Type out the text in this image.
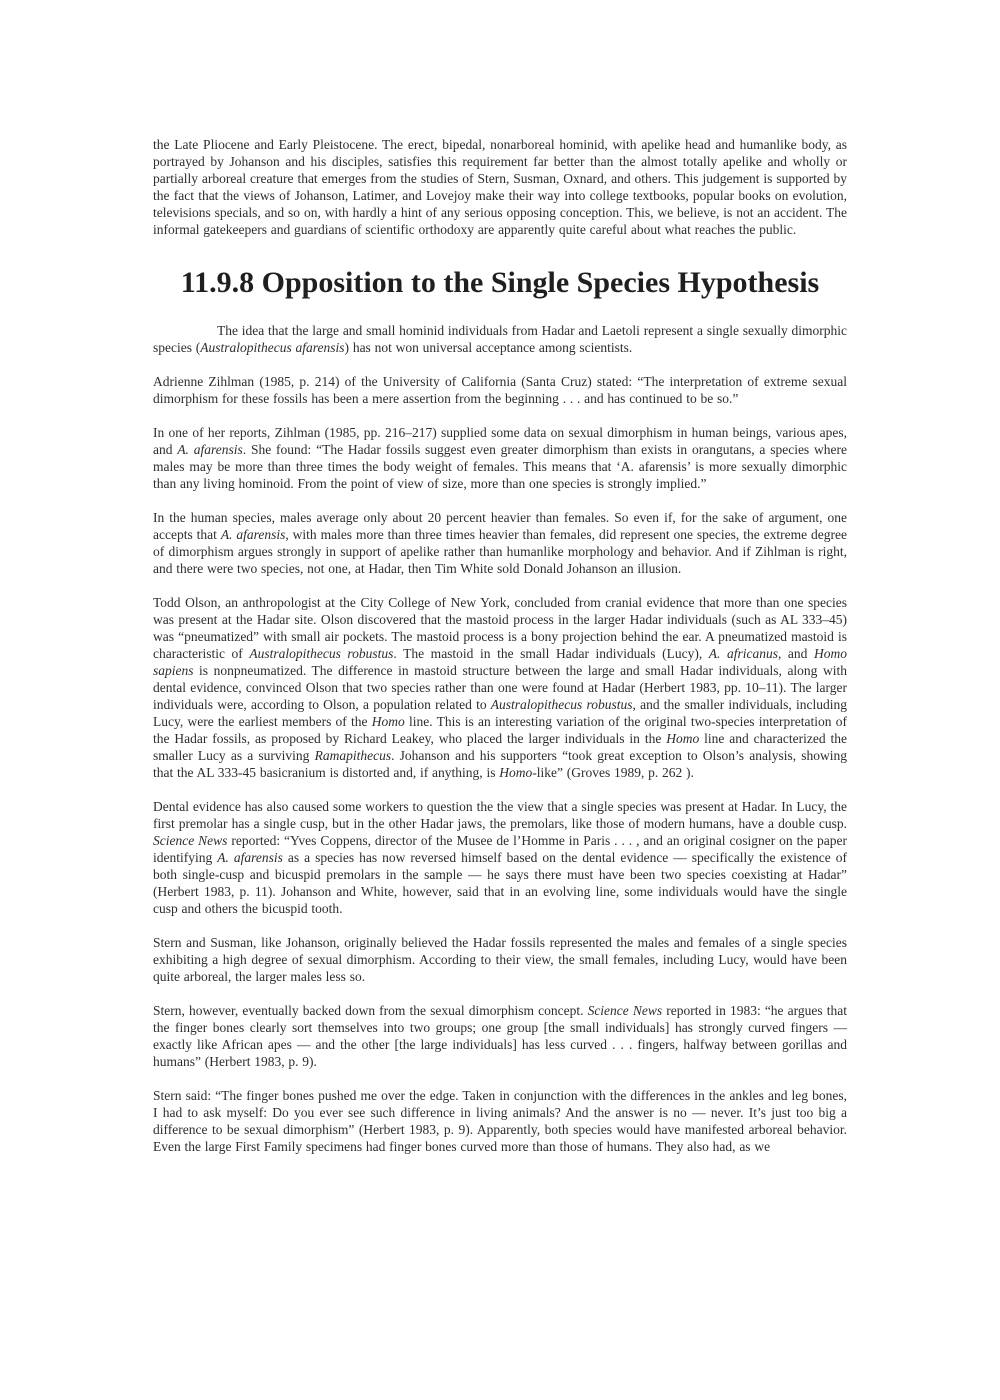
the Late Pliocene and Early Pleistocene. The erect, bipedal, nonarboreal hominid, with apelike head and humanlike body, as portrayed by Johanson and his disciples, satisfies this requirement far better than the almost totally apelike and wholly or partially arboreal creature that emerges from the studies of Stern, Susman, Oxnard, and others. This judgement is supported by the fact that the views of Johanson, Latimer, and Lovejoy make their way into college textbooks, popular books on evolution, televisions specials, and so on, with hardly a hint of any serious opposing conception. This, we believe, is not an accident. The informal gatekeepers and guardians of scientific orthodoxy are apparently quite careful about what reaches the public.

11.9.8 Opposition to the Single Species Hypothesis

The idea that the large and small hominid individuals from Hadar and Laetoli represent a single sexually dimorphic species (Australopithecus afarensis) has not won universal acceptance among scientists.

Adrienne Zihlman (1985, p. 214) of the University of California (Santa Cruz) stated: “The interpretation of extreme sexual dimorphism for these fossils has been a mere assertion from the beginning . . . and has continued to be so.”

In one of her reports, Zihlman (1985, pp. 216–217) supplied some data on sexual dimorphism in human beings, various apes, and A. afarensis. She found: “The Hadar fossils suggest even greater dimorphism than exists in orangutans, a species where males may be more than three times the body weight of females. This means that ‘A. afarensis’ is more sexually dimorphic than any living hominoid. From the point of view of size, more than one species is strongly implied.”

In the human species, males average only about 20 percent heavier than females. So even if, for the sake of argument, one accepts that A. afarensis, with males more than three times heavier than females, did represent one species, the extreme degree of dimorphism argues strongly in support of apelike rather than humanlike morphology and behavior. And if Zihlman is right, and there were two species, not one, at Hadar, then Tim White sold Donald Johanson an illusion.

Todd Olson, an anthropologist at the City College of New York, concluded from cranial evidence that more than one species was present at the Hadar site. Olson discovered that the mastoid process in the larger Hadar individuals (such as AL 333–45) was “pneumatized” with small air pockets. The mastoid process is a bony projection behind the ear. A pneumatized mastoid is characteristic of Australopithecus robustus. The mastoid in the small Hadar individuals (Lucy), A. africanus, and Homo sapiens is nonpneumatized. The difference in mastoid structure between the large and small Hadar individuals, along with dental evidence, convinced Olson that two species rather than one were found at Hadar (Herbert 1983, pp. 10–11). The larger individuals were, according to Olson, a population related to Australopithecus robustus, and the smaller individuals, including Lucy, were the earliest members of the Homo line. This is an interesting variation of the original two-species interpretation of the Hadar fossils, as proposed by Richard Leakey, who placed the larger individuals in the Homo line and characterized the smaller Lucy as a surviving Ramapithecus. Johanson and his supporters “took great exception to Olson’s analysis, showing that the AL 333-45 basicranium is distorted and, if anything, is Homo-like” (Groves 1989, p. 262 ).

Dental evidence has also caused some workers to question the the view that a single species was present at Hadar. In Lucy, the first premolar has a single cusp, but in the other Hadar jaws, the premolars, like those of modern humans, have a double cusp. Science News reported: “Yves Coppens, director of the Musee de l’Homme in Paris . . . , and an original cosigner on the paper identifying A. afarensis as a species has now reversed himself based on the dental evidence — specifically the existence of both single-cusp and bicuspid premolars in the sample — he says there must have been two species coexisting at Hadar” (Herbert 1983, p. 11). Johanson and White, however, said that in an evolving line, some individuals would have the single cusp and others the bicuspid tooth.

Stern and Susman, like Johanson, originally believed the Hadar fossils represented the males and females of a single species exhibiting a high degree of sexual dimorphism. According to their view, the small females, including Lucy, would have been quite arboreal, the larger males less so.

Stern, however, eventually backed down from the sexual dimorphism concept. Science News reported in 1983: “he argues that the finger bones clearly sort themselves into two groups; one group [the small individuals] has strongly curved fingers — exactly like African apes — and the other [the large individuals] has less curved . . . fingers, halfway between gorillas and humans” (Herbert 1983, p. 9).

Stern said: “The finger bones pushed me over the edge. Taken in conjunction with the differences in the ankles and leg bones, I had to ask myself: Do you ever see such difference in living animals? And the answer is no — never. It’s just too big a difference to be sexual dimorphism” (Herbert 1983, p. 9). Apparently, both species would have manifested arboreal behavior. Even the large First Family specimens had finger bones curved more than those of humans. They also had, as we
